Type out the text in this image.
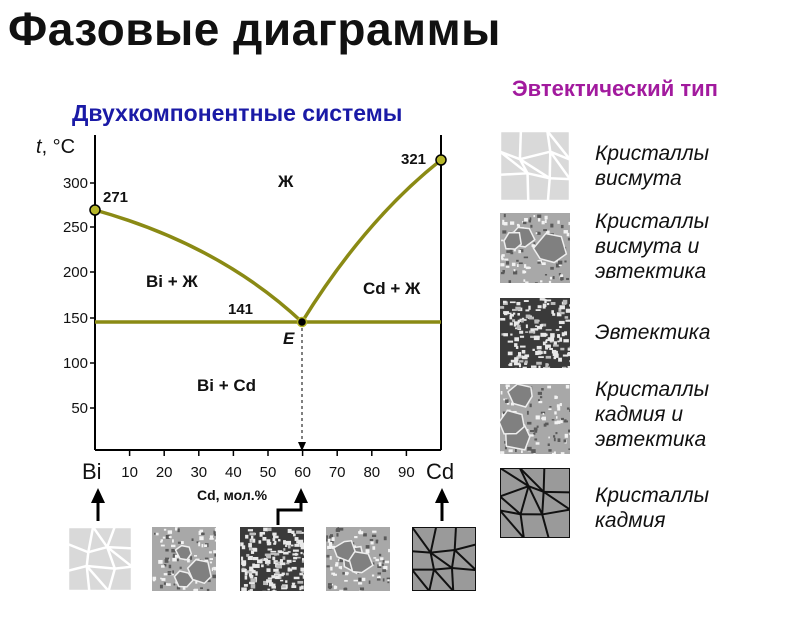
Фазовые диаграммы
Двухкомпонентные системы
Эвтектический тип
t, °C
300
250
200
150
100
50
10 20 30 40 50 60 70 80 90
271
321
141
E
Ж
Bi + Ж	Cd + Ж
Bi + Cd
Bi	Cd
Cd, мол.%
Кристаллы
висмута
Кристаллы
висмута и
эвтектика
Эвтектика
Кристаллы
кадмия и
эвтектика
Кристаллы
кадмия
